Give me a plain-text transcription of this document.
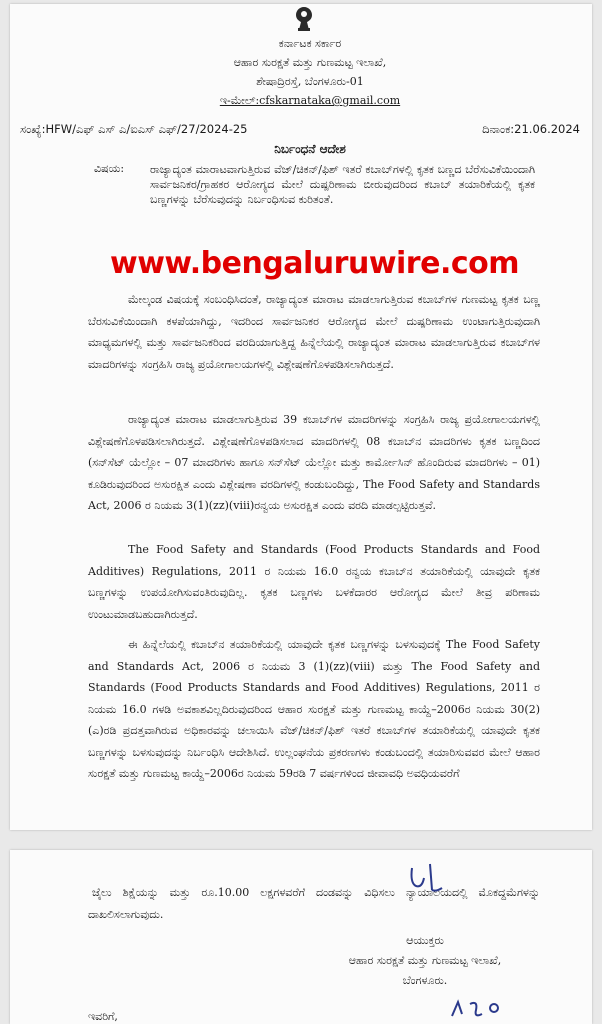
ಕರ್ನಾಟಕ ಸರ್ಕಾರ
ಆಹಾರ ಸುರಕ್ಷತೆ ಮತ್ತು ಗುಣಮಟ್ಟ ಇಲಾಖೆ,
ಶೇಷಾದ್ರಿರಸ್ತೆ, ಬೆಂಗಳೂರು-01
ಇ-ಮೇಲ್:cfskarnataka@gmail.com
ಸಂಖ್ಯೆ:HFW/ಎಫ್ ಎಸ್ ಎ/ಐಎಸ್ ಎಫ್/27/2024-25	ದಿನಾಂಕ:21.06.2024
ನಿರ್ಬಂಧನೆ ಆದೇಶ
ವಿಷಯ: ರಾಜ್ಯಾದ್ಯಂತ ಮಾರಾಟವಾಗುತ್ತಿರುವ ವೆಜ್/ಚಿಕನ್/ಫಿಶ್ ಇತರೆ ಕಬಾಬ್‌ಗಳಲ್ಲಿ ಕೃತಕ ಬಣ್ಣದ ಬೆರೆಸುವಿಕೆಯಿಂದಾಗಿ ಸಾರ್ವಜನಿಕರ/ಗ್ರಾಹಕರ ಆರೋಗ್ಯದ ಮೇಲೆ ದುಷ್ಪರಿಣಾಮ ಬೀರುವುದರಿಂದ ಕಬಾಬ್ ತಯಾರಿಕೆಯಲ್ಲಿ ಕೃತಕ ಬಣ್ಣಗಳನ್ನು ಬೆರೆಸುವುದನ್ನು ನಿರ್ಬಂಧಿಸುವ ಕುರಿತಂತೆ.
www.bengaluruwire.com
ಮೇಲ್ಕಂಡ ವಿಷಯಕ್ಕೆ ಸಂಬಂಧಿಸಿದಂತೆ, ರಾಜ್ಯಾದ್ಯಂತ ಮಾರಾಟ ಮಾಡಲಾಗುತ್ತಿರುವ ಕಬಾಬ್‌ಗಳ ಗುಣಮಟ್ಟ ಕೃತಕ ಬಣ್ಣ ಬೆರಸುವಿಕೆಯಿಂದಾಗಿ ಕಳಪೆಯಾಗಿದ್ದು, ಇದರಿಂದ ಸಾರ್ವಜನಿಕರ ಆರೋಗ್ಯದ ಮೇಲೆ ದುಷ್ಪರಿಣಾಮ ಉಂಟಾಗುತ್ತಿರುವುದಾಗಿ ಮಾಧ್ಯಮಗಳಲ್ಲಿ ಮತ್ತು ಸಾರ್ವಜನಿಕರಿಂದ ವರದಿಯಾಗುತ್ತಿದ್ದ ಹಿನ್ನೆಲೆಯಲ್ಲಿ ರಾಜ್ಯಾದ್ಯಂತ ಮಾರಾಟ ಮಾಡಲಾಗುತ್ತಿರುವ ಕಬಾಬ್‌ಗಳ ಮಾದರಿಗಳನ್ನು ಸಂಗ್ರಹಿಸಿ ರಾಜ್ಯ ಪ್ರಯೋಗಾಲಯಗಳಲ್ಲಿ ವಿಶ್ಲೇಷಣೆಗೊಳಪಡಿಸಲಾಗಿರುತ್ತದೆ.
ರಾಜ್ಯಾದ್ಯಂತ ಮಾರಾಟ ಮಾಡಲಾಗುತ್ತಿರುವ 39 ಕಬಾಬ್‌ಗಳ ಮಾದರಿಗಳನ್ನು ಸಂಗ್ರಹಿಸಿ ರಾಜ್ಯ ಪ್ರಯೋಗಾಲಯಗಳಲ್ಲಿ ವಿಶ್ಲೇಷಣೆಗೊಳಪಡಿಸಲಾಗಿರುತ್ತದೆ. ವಿಶ್ಲೇಷಣೆಗೊಳಪಡಿಸಲಾದ ಮಾದರಿಗಳಲ್ಲಿ 08 ಕಬಾಬ್‌ನ ಮಾದರಿಗಳು ಕೃತಕ ಬಣ್ಣದಿಂದ (ಸನ್‌ಸೆಟ್ ಯೆಲ್ಲೋ – 07 ಮಾದರಿಗಳು ಹಾಗೂ ಸನ್‌ಸೆಟ್ ಯೆಲ್ಲೋ ಮತ್ತು ಕಾರ್ಮೋಸಿನ್ ಹೊಂದಿರುವ ಮಾದರಿಗಳು – 01) ಕೂಡಿರುವುದರಿಂದ ಅಸುರಕ್ಷಿತ ಎಂದು ವಿಶ್ಲೇಷಣಾ ವರದಿಗಳಲ್ಲಿ ಕಂಡುಬಂದಿದ್ದು, The Food Safety and Standards Act, 2006 ರ ನಿಯಮ 3(1)(zz)(viii)ರನ್ವಯ ಅಸುರಕ್ಷಿತ ಎಂದು ವರದಿ ಮಾಡಲ್ಪಟ್ಟಿರುತ್ತವೆ.
The Food Safety and Standards (Food Products Standards and Food Additives) Regulations, 2011 ರ ನಿಯಮ 16.0 ರನ್ವಯ ಕಬಾಬ್‌ನ ತಯಾರಿಕೆಯಲ್ಲಿ ಯಾವುದೇ ಕೃತಕ ಬಣ್ಣಗಳನ್ನು ಉಪಯೋಗಿಸುವಂತಿರುವುದಿಲ್ಲ. ಕೃತಕ ಬಣ್ಣಗಳು ಬಳಕೆದಾರರ ಆರೋಗ್ಯದ ಮೇಲೆ ತೀವ್ರ ಪರಿಣಾಮ ಉಂಟುಮಾಡಬಹುದಾಗಿರುತ್ತದೆ.
ಈ ಹಿನ್ನೆಲೆಯಲ್ಲಿ ಕಬಾಬ್‌ನ ತಯಾರಿಕೆಯಲ್ಲಿ ಯಾವುದೇ ಕೃತಕ ಬಣ್ಣಗಳನ್ನು ಬಳಸುವುದಕ್ಕೆ The Food Safety and Standards Act, 2006 ರ ನಿಯಮ 3 (1)(zz)(viii) ಮತ್ತು The Food Safety and Standards (Food Products Standards and Food Additives) Regulations, 2011 ರ ನಿಯಮ 16.0 ಗಳಡಿ ಅವಕಾಶವಿಲ್ಲದಿರುವುದರಿಂದ ಆಹಾರ ಸುರಕ್ಷತೆ ಮತ್ತು ಗುಣಮಟ್ಟ ಕಾಯ್ದೆ–2006ರ ನಿಯಮ 30(2)(ಎ)ರಡಿ ಪ್ರದತ್ತವಾಗಿರುವ ಅಧಿಕಾರವನ್ನು ಚಲಾಯಿಸಿ ವೆಜ್/ಚಿಕನ್/ಫಿಶ್ ಇತರೆ ಕಬಾಬ್‌ಗಳ ತಯಾರಿಕೆಯಲ್ಲಿ ಯಾವುದೇ ಕೃತಕ ಬಣ್ಣಗಳನ್ನು ಬಳಸುವುದನ್ನು ನಿರ್ಬಂಧಿಸಿ ಆದೇಶಿಸಿದೆ. ಉಲ್ಲಂಘನೆಯ ಪ್ರಕರಣಗಳು ಕಂಡುಬಂದಲ್ಲಿ ತಯಾರಿಸುವವರ ಮೇಲೆ ಆಹಾರ ಸುರಕ್ಷತೆ ಮತ್ತು ಗುಣಮಟ್ಟ ಕಾಯ್ದೆ–2006ರ ನಿಯಮ 59ರಡಿ 7 ವರ್ಷಗಳಿಂದ ಜೀವಾವಧಿ ಅವಧಿಯವರೆಗೆ
ಜೈಲು ಶಿಕ್ಷೆಯನ್ನು ಮತ್ತು ರೂ.10.00 ಲಕ್ಷಗಳವರೆಗೆ ದಂಡವನ್ನು ವಿಧಿಸಲು ನ್ಯಾಯಾಲಯದಲ್ಲಿ ಮೊಕದ್ದಮೆಗಳನ್ನು ದಾಖಲಿಸಲಾಗುವುದು.
ಆಯುಕ್ತರು
ಆಹಾರ ಸುರಕ್ಷತೆ ಮತ್ತು ಗುಣಮಟ್ಟ ಇಲಾಖೆ,
ಬೆಂಗಳೂರು.
ಇವರಿಗೆ,
